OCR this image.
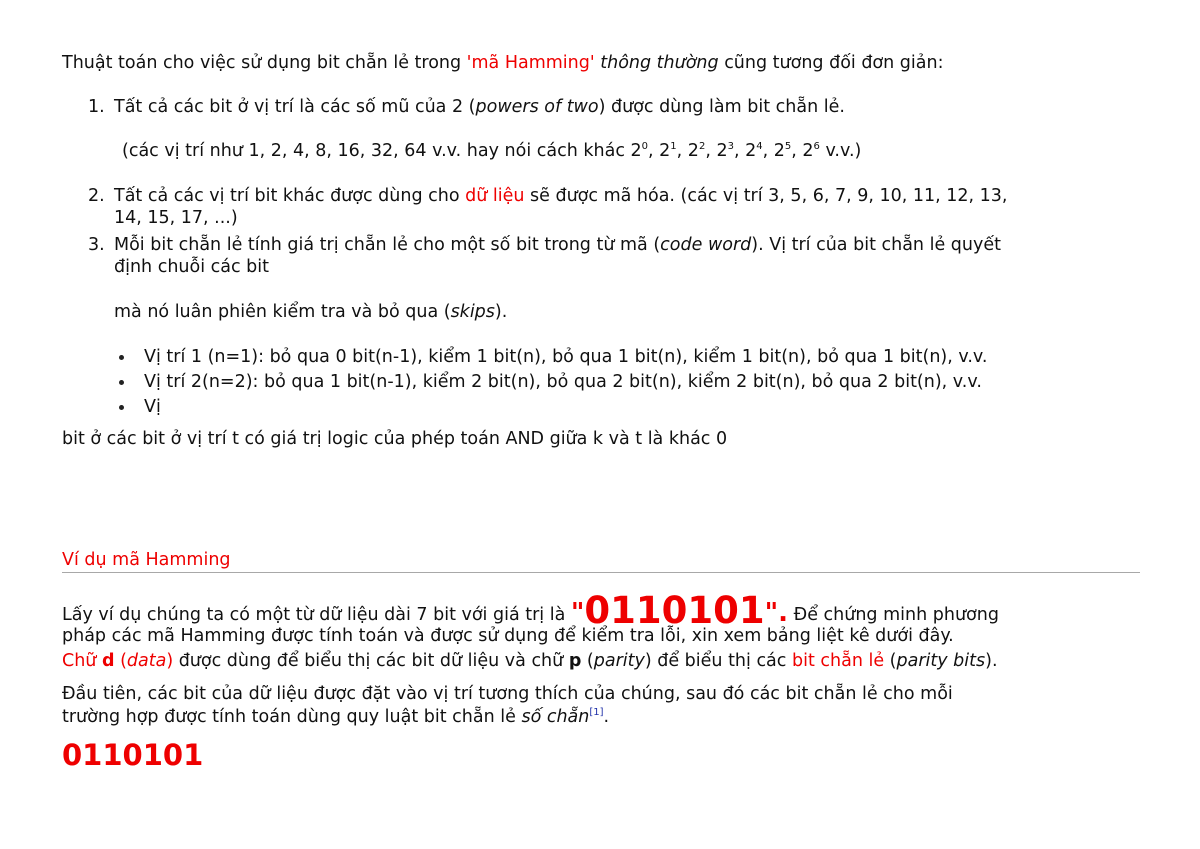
Thuật toán cho việc sử dụng bit chẵn lẻ trong 'mã Hamming' thông thường cũng tương đối đơn giản:
1. Tất cả các bit ở vị trí là các số mũ của 2 (powers of two) được dùng làm bit chẵn lẻ.
(các vị trí như 1, 2, 4, 8, 16, 32, 64 v.v. hay nói cách khác $2^0$, $2^1$, $2^2$, $2^3$, $2^4$, $2^5$, $2^6$ v.v.)
2. Tất cả các vị trí bit khác được dùng cho dữ liệu sẽ được mã hóa. (các vị trí 3, 5, 6, 7, 9, 10, 11, 12, 13,
14, 15, 17, ...)
3. Mỗi bit chẵn lẻ tính giá trị chẵn lẻ cho một số bit trong từ mã (code word). Vị trí của bit chẵn lẻ quyết
định chuỗi các bit
mà nó luân phiên kiểm tra và bỏ qua (skips).
Vị trí 1 (n=1): bỏ qua 0 bit(n-1), kiểm 1 bit(n), bỏ qua 1 bit(n), kiểm 1 bit(n), bỏ qua 1 bit(n), v.v.
Vị trí 2(n=2): bỏ qua 1 bit(n-1), kiểm 2 bit(n), bỏ qua 2 bit(n), kiểm 2 bit(n), bỏ qua 2 bit(n), v.v.
Vị
bit ở các bit ở vị trí t có giá trị logic của phép toán AND giữa k và t là khác 0
Ví dụ mã Hamming
Lấy ví dụ chúng ta có một từ dữ liệu dài 7 bit với giá trị là "0110101". Để chứng minh phương
pháp các mã Hamming được tính toán và được sử dụng để kiểm tra lỗi, xin xem bảng liệt kê dưới đây.
Chữ d (data) được dùng để biểu thị các bit dữ liệu và chữ p (parity) để biểu thị các bit chẵn lẻ (parity bits).
Đầu tiên, các bit của dữ liệu được đặt vào vị trí tương thích của chúng, sau đó các bit chẵn lẻ cho mỗi
trường hợp được tính toán dùng quy luật bit chẵn lẻ số chẵn[1].
0110101
